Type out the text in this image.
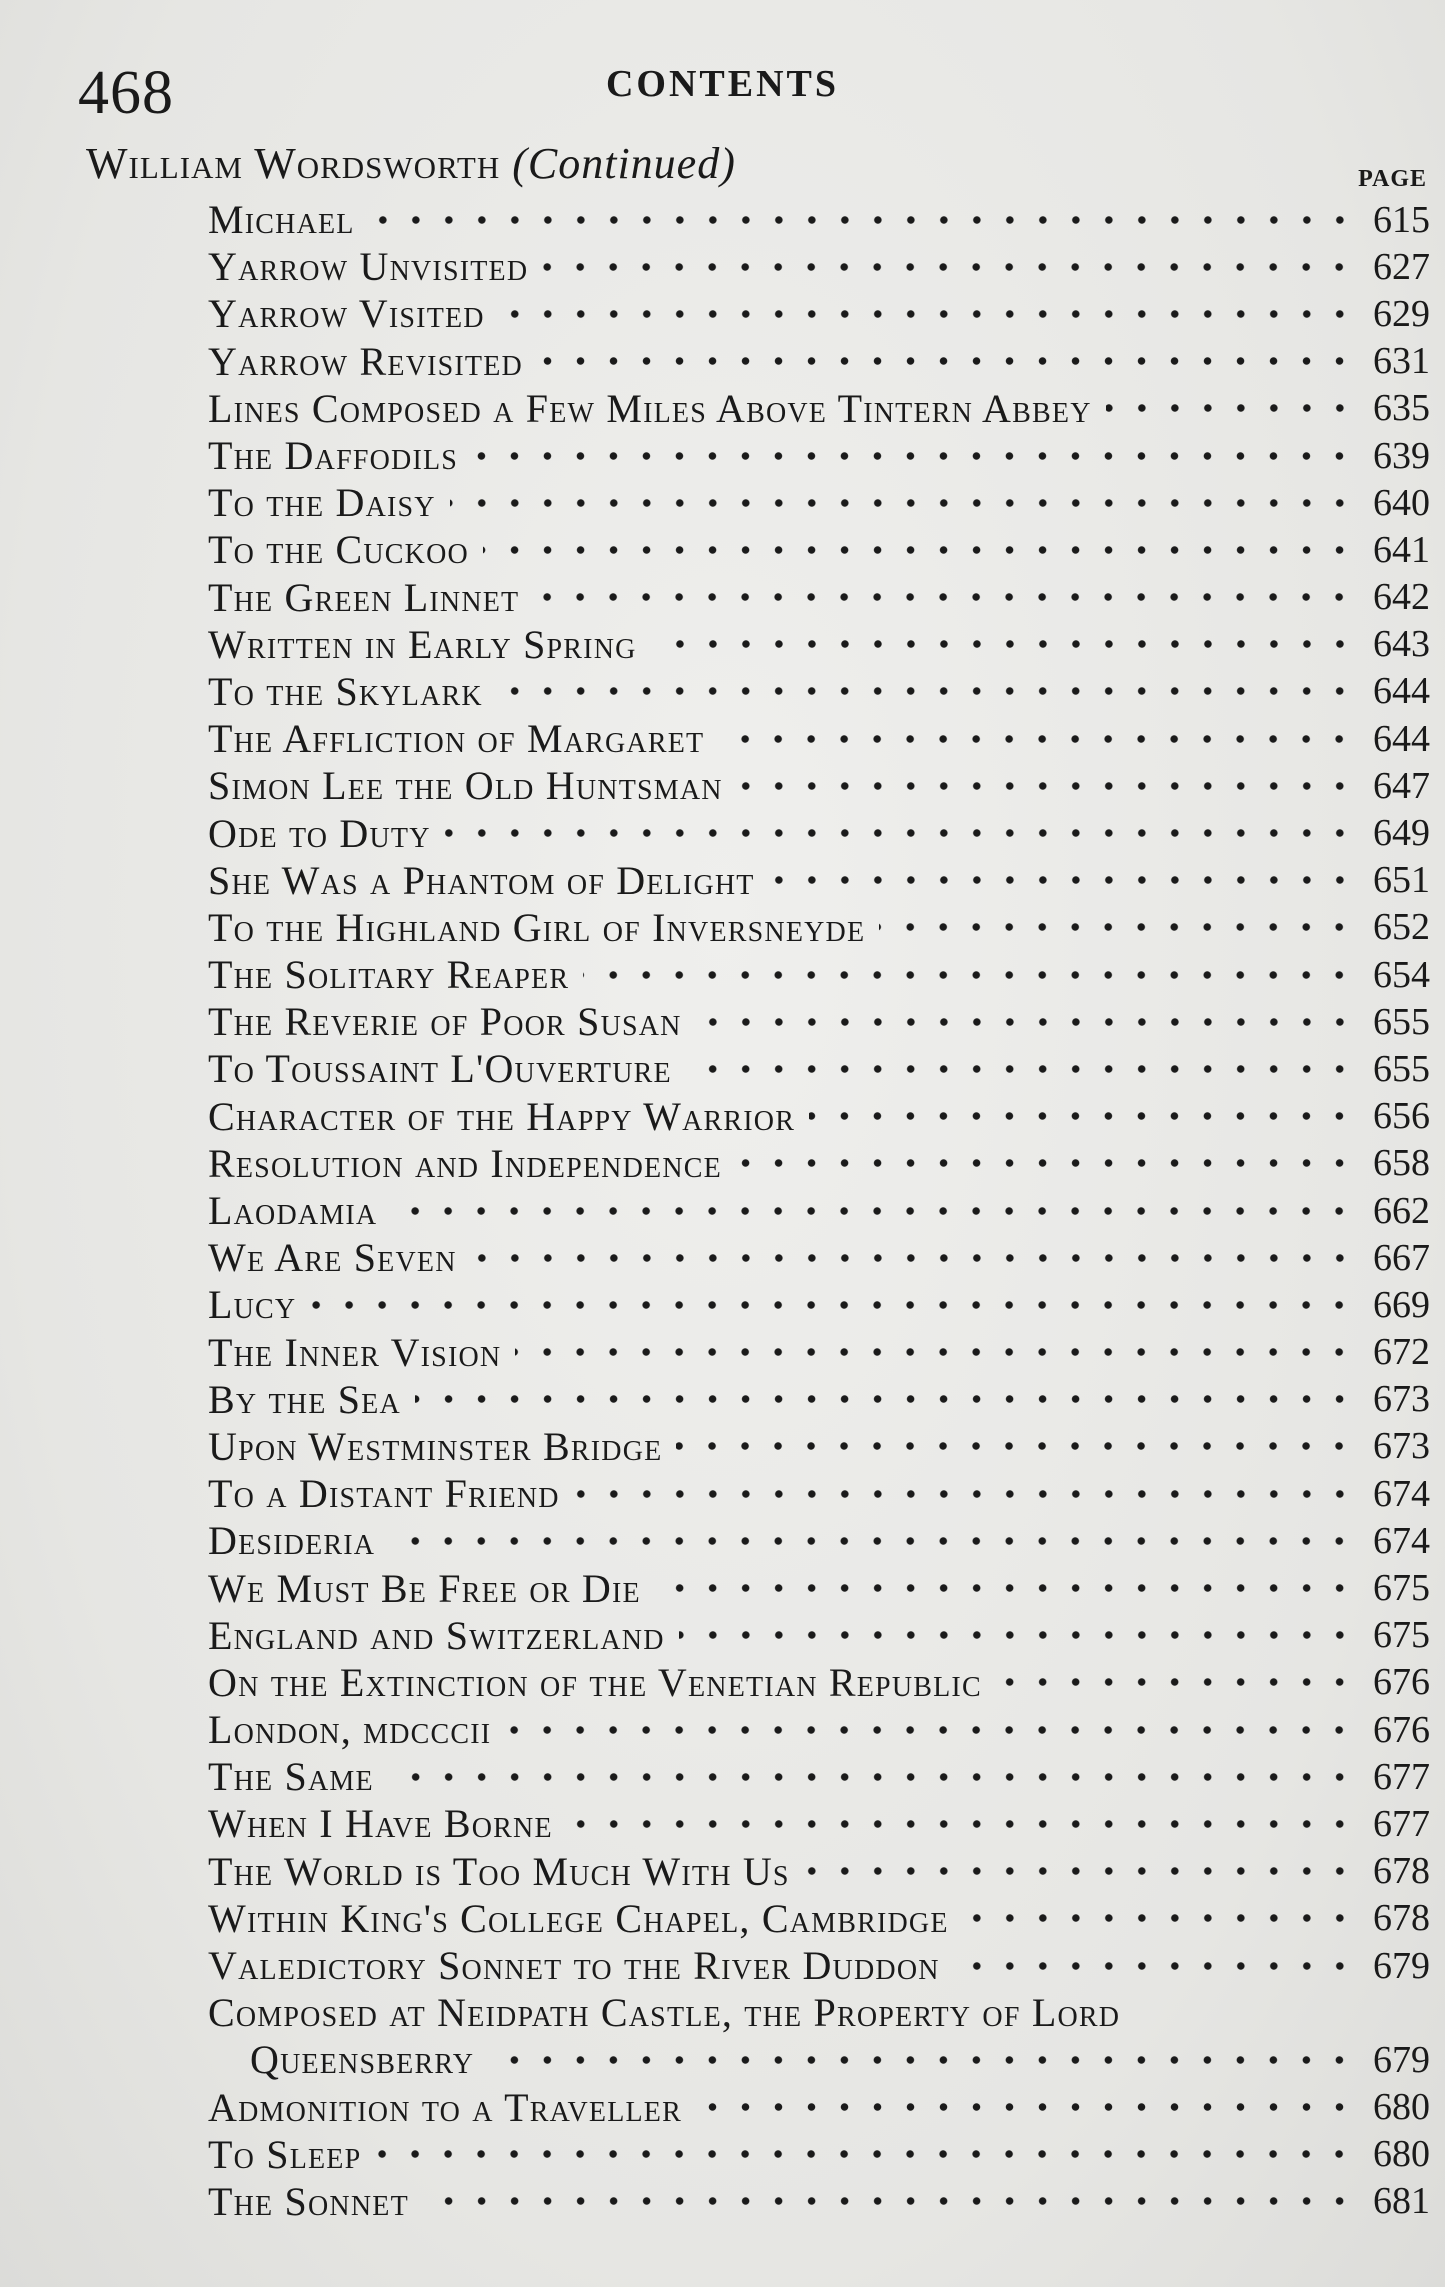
468	CONTENTS
William Wordsworth (Continued)	PAGE
Michael	615
Yarrow Unvisited	627
Yarrow Visited	629
Yarrow Revisited	631
Lines Composed a Few Miles Above Tintern Abbey	635
The Daffodils	639
To the Daisy	640
To the Cuckoo	641
The Green Linnet	642
Written in Early Spring	643
To the Skylark	644
The Affliction of Margaret	644
Simon Lee the Old Huntsman	647
Ode to Duty	649
She Was a Phantom of Delight	651
To the Highland Girl of Inversneyde	652
The Solitary Reaper	654
The Reverie of Poor Susan	655
To Toussaint L'Ouverture	655
Character of the Happy Warrior	656
Resolution and Independence	658
Laodamia	662
We Are Seven	667
Lucy	669
The Inner Vision	672
By the Sea	673
Upon Westminster Bridge	673
To a Distant Friend	674
Desideria	674
We Must Be Free or Die	675
England and Switzerland	675
On the Extinction of the Venetian Republic	676
London, mdcccii	676
The Same	677
When I Have Borne	677
The World is Too Much With Us	678
Within King's College Chapel, Cambridge	678
Valedictory Sonnet to the River Duddon	679
Composed at Neidpath Castle, the Property of Lord
Queensberry	679
Admonition to a Traveller	680
To Sleep	680
The Sonnet	681
